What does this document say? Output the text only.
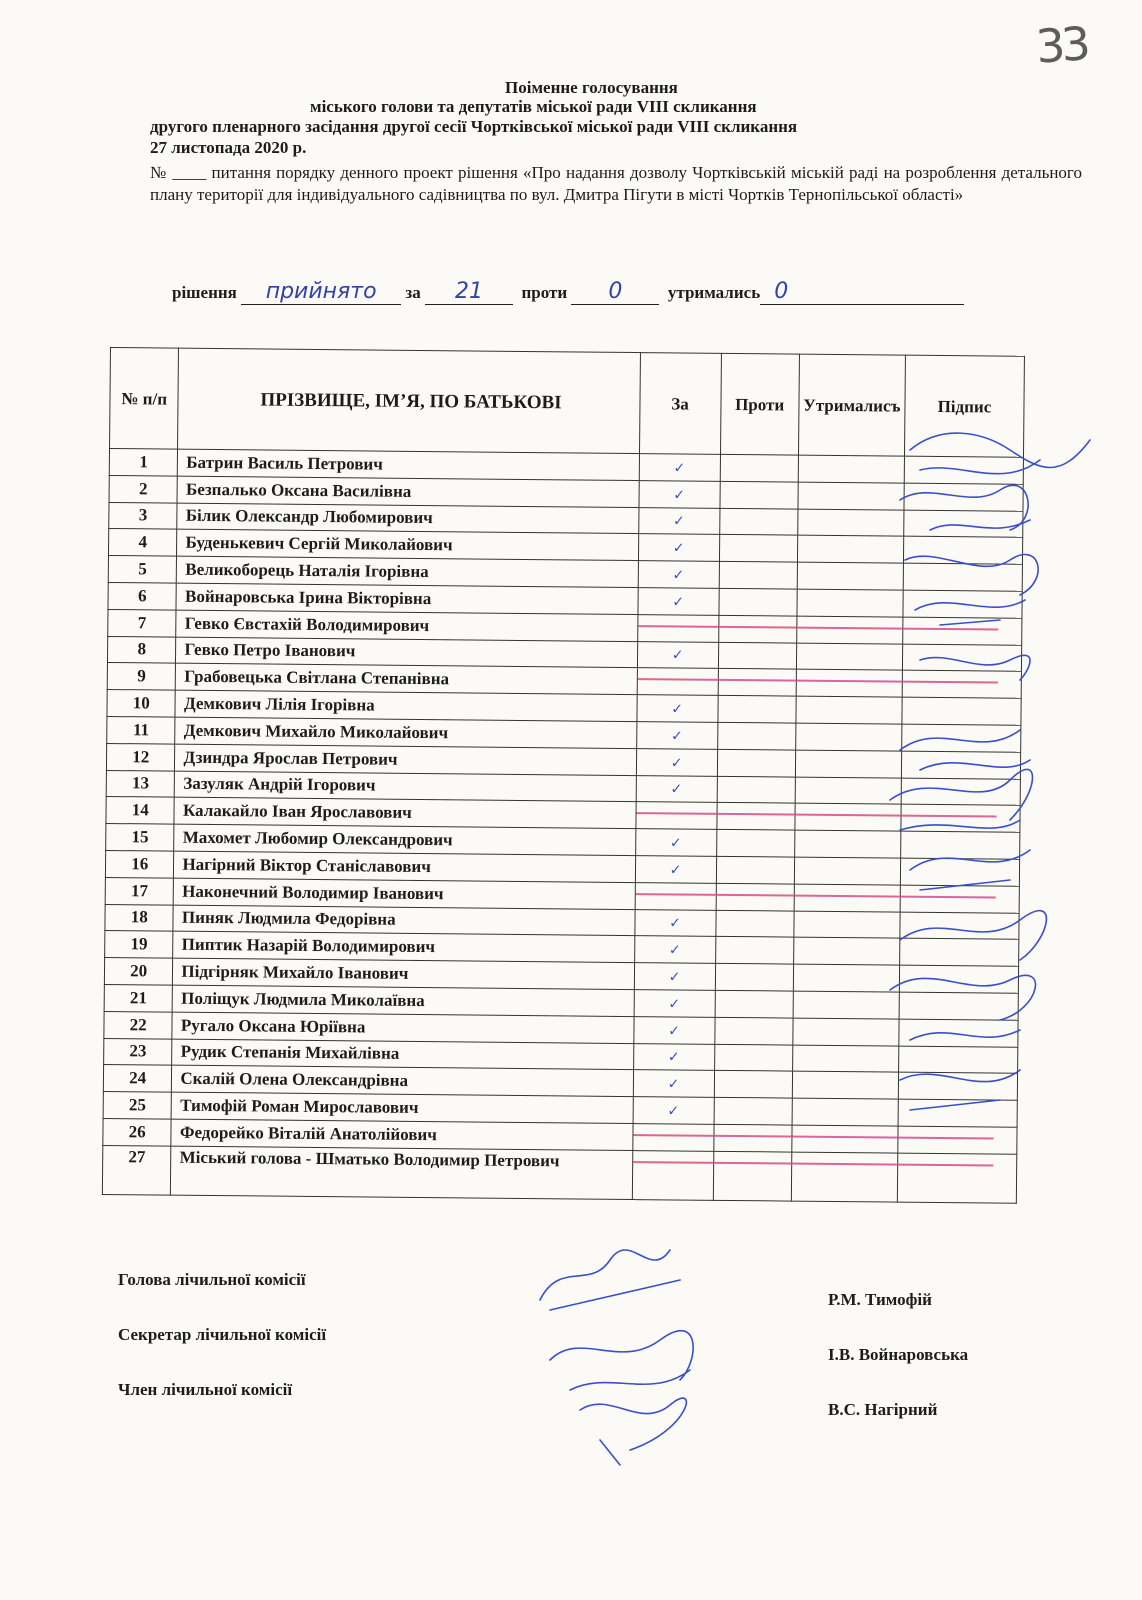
33
Поіменне голосування
міського голови та депутатів міської ради VIII скликання
другого пленарного засідання другої сесії Чортківської міської ради VIII скликання
27 листопада 2020 р.
№ ____ питання порядку денного проект рішення «Про надання дозволу Чортківській міській раді на розроблення детального плану території для індивідуального садівництва по вул. Дмитра Пігути в місті Чортків Тернопільської області»
рішення прийнято за 21 проти 0	утримались 0
№ п/п	ПРІЗВИЩЕ, ІМ’Я, ПО БАТЬКОВІ	За	Проти	Утрималисъ	Підпис
1	Батрин Василь Петрович	✓			
2	Безпалько Оксана Василівна	✓			
3	Білик Олександр Любомирович	✓			
4	Буденькевич Сергій Миколайович	✓			
5	Великоборець Наталія Ігорівна	✓			
6	Войнаровська Ірина Вікторівна	✓			
7	Гевко Євстахій Володимирович	

8	Гевко Петро Іванович	✓			
9	Грабовецька Світлана Степанівна	

10	Демкович Лілія Ігорівна	✓			
11	Демкович Михайло Миколайович	✓			
12	Дзиндра Ярослав Петрович	✓			
13	Зазуляк Андрій Ігорович	✓			
14	Калакайло Іван Ярославович	

15	Махомет Любомир Олександрович	✓			
16	Нагірний Віктор Станіславович	✓			
17	Наконечний Володимир Іванович	

18	Пиняк Людмила Федорівна	✓			
19	Пиптик Назарій Володимирович	✓			
20	Підгірняк Михайло Іванович	✓			
21	Поліщук Людмила Миколаївна	✓			
22	Ругало Оксана Юріївна	✓			
23	Рудик Степанія Михайлівна	✓			
24	Скалій Олена Олександрівна	✓			
25	Тимофій Роман Мирославович	✓			
26	Федорейко Віталій Анатолійович	

27	Міський голова - Шматько Володимир Петрович	

Голова лічильної комісії
Секретар лічильної комісії
Член лічильної комісії
Р.М. Тимофій
І.В. Войнаровська
В.С. Нагірний
